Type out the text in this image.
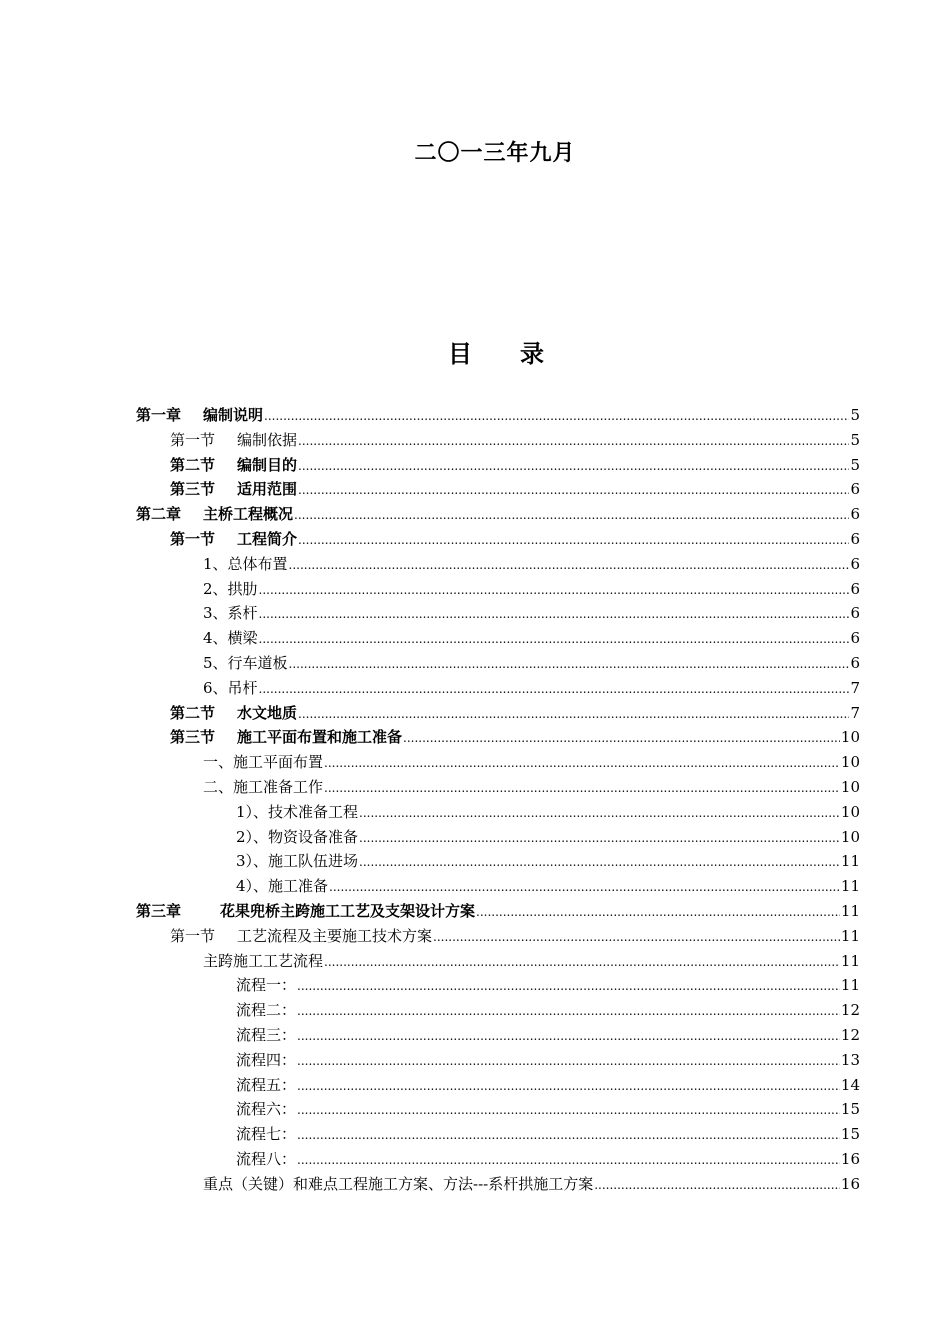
二〇一三年九月
目 录
第一章	编制说明 .....	5
第一节	编制依据 .....	5
第二节	编制目的 .....	5
第三节	适用范围 .....	6
第二章	主桥工程概况 .....	6
第一节	工程简介 .....	6
1、总体布置 .....	6
2、拱肋 .....	6
3、系杆 .....	6
4、横梁 .....	6
5、行车道板 .....	6
6、吊杆 .....	7
第二节	水文地质 .....	7
第三节	施工平面布置和施工准备 .....	10
一、施工平面布置 .....	10
二、施工准备工作 .....	10
1）、技术准备工程 .....	10
2）、物资设备准备 .....	10
3）、施工队伍进场 .....	11
4）、施工准备 .....	11
第三章	花果兜桥主跨施工工艺及支架设计方案 .....	11
第一节	工艺流程及主要施工技术方案 .....	11
主跨施工工艺流程 .....	11
流程一： .....	11
流程二： .....	12
流程三： .....	12
流程四： .....	13
流程五： .....	14
流程六： .....	15
流程七： .....	15
流程八： .....	16
重点（关键）和难点工程施工方案、方法---系杆拱施工方案 .....	16
